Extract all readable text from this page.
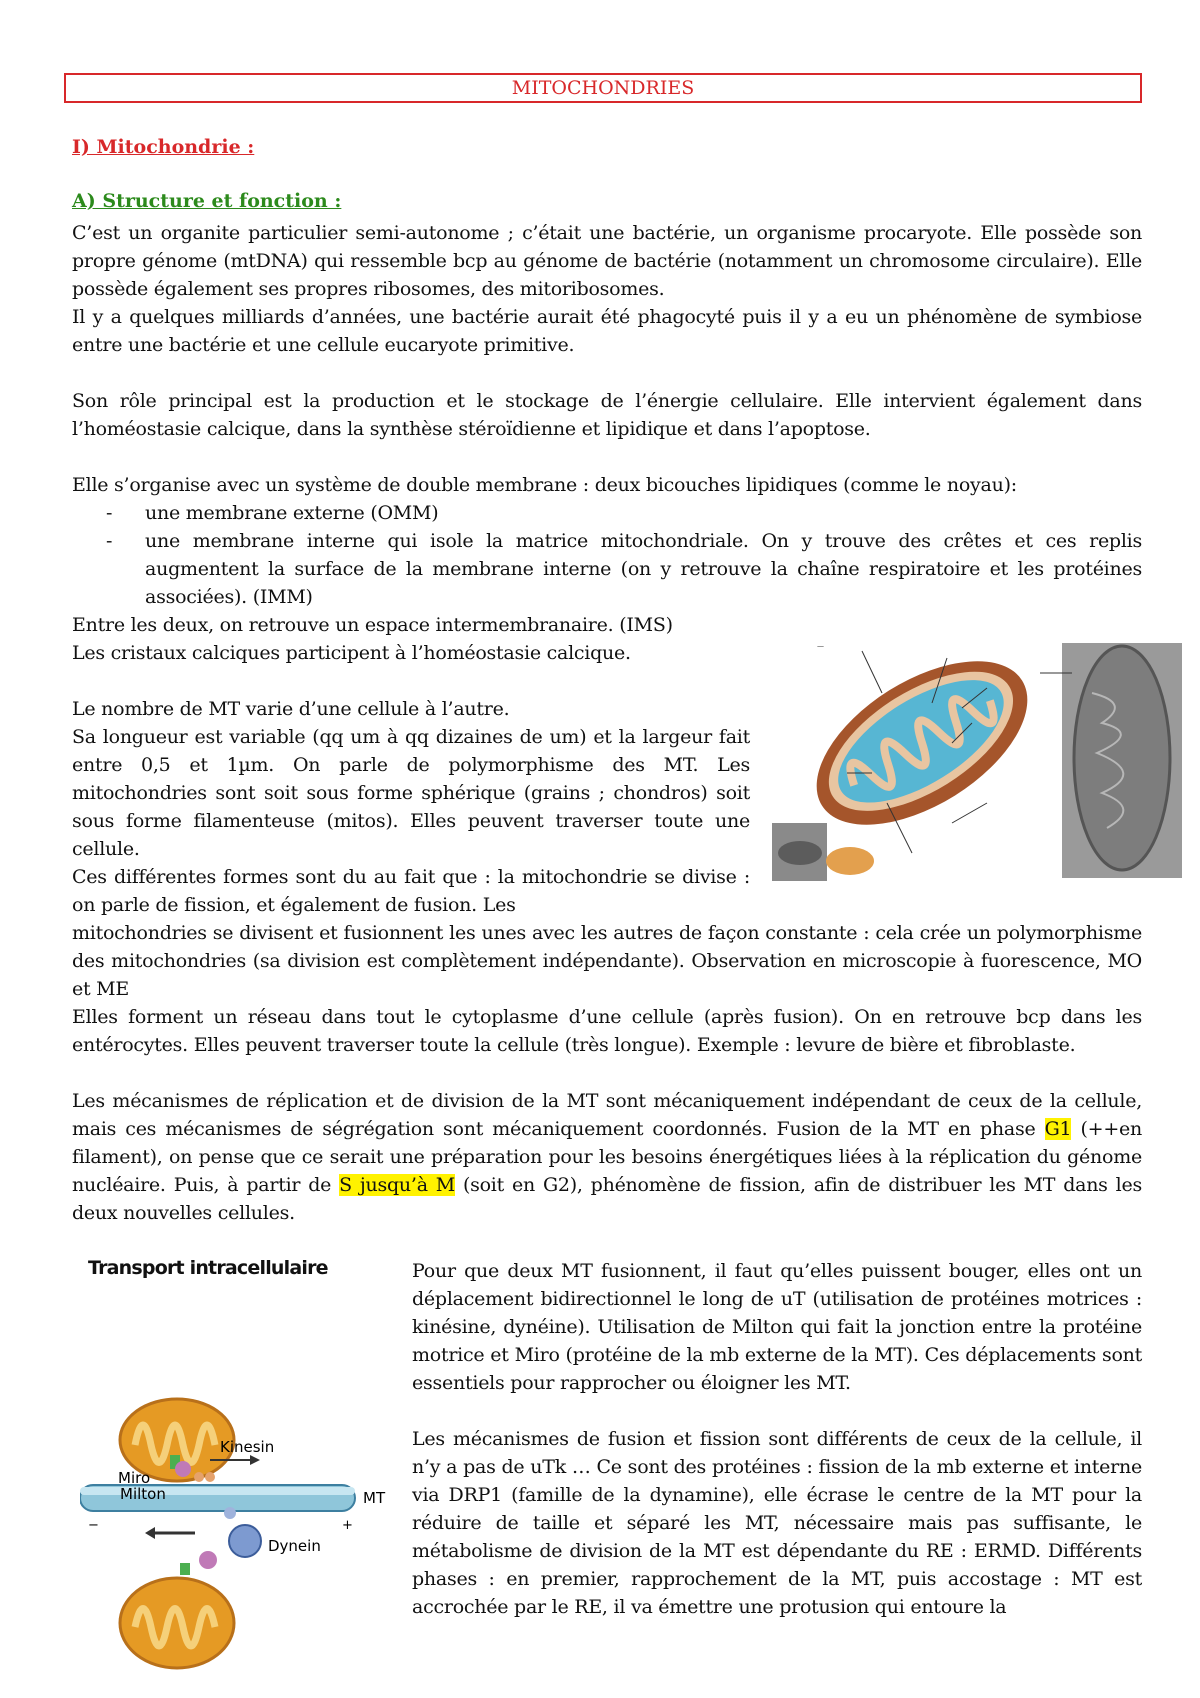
MITOCHONDRIES
I) Mitochondrie :
A) Structure et fonction :

C’est un organite particulier semi-autonome ; c’était une bactérie, un organisme procaryote. Elle possède son propre génome (mtDNA) qui ressemble bcp au génome de bactérie (notamment un chromosome circulaire). Elle possède également ses propres ribosomes, des mitoribosomes.

Il y a quelques milliards d’années, une bactérie aurait été phagocyté puis il y a eu un phénomène de symbiose entre une bactérie et une cellule eucaryote primitive.

Son rôle principal est la production et le stockage de l’énergie cellulaire. Elle intervient également dans l’homéostasie calcique, dans la synthèse stéroïdienne et lipidique et dans l’apoptose.

Elle s’organise avec un système de double membrane : deux bicouches lipidiques (comme le noyau):

- une membrane externe (OMM)

- une membrane interne qui isole la matrice mitochondriale. On y trouve des crêtes et ces replis augmentent la surface de la membrane interne (on y retrouve la chaîne respiratoire et les protéines associées). (IMM)

Entre les deux, on retrouve un espace intermembranaire. (IMS)

Les cristaux calciques participent à l’homéostasie calcique.

Le nombre de MT varie d’une cellule à l’autre.

Sa longueur est variable (qq um à qq dizaines de um) et la largeur fait entre 0,5 et 1µm. On parle de polymorphisme des MT. Les mitochondries sont soit sous forme sphérique (grains ; chondros) soit sous forme filamenteuse (mitos). Elles peuvent traverser toute une cellule.

Ces différentes formes sont du au fait que : la mitochondrie se divise : on parle de fission, et également de fusion. Les

—

mitochondries se divisent et fusionnent les unes avec les autres de façon constante : cela crée un polymorphisme des mitochondries (sa division est complètement indépendante). Observation en microscopie à fuorescence, MO et ME

Elles forment un réseau dans tout le cytoplasme d’une cellule (après fusion). On en retrouve bcp dans les entérocytes. Elles peuvent traverser toute la cellule (très longue). Exemple : levure de bière et fibroblaste.

Les mécanismes de réplication et de division de la MT sont mécaniquement indépendant de ceux de la cellule, mais ces mécanismes de ségrégation sont mécaniquement coordonnés. Fusion de la MT en phase G1 (++en filament), on pense que ce serait une préparation pour les besoins énergétiques liées à la réplication du génome nucléaire. Puis, à partir de S jusqu’à M (soit en G2), phénomène de fission, afin de distribuer les MT dans les deux nouvelles cellules.

Transport intracellulaire
Miro
Milton
Kinesin
MT
Dynein
−	+

Pour que deux MT fusionnent, il faut qu’elles puissent bouger, elles ont un déplacement bidirectionnel le long de uT (utilisation de protéines motrices : kinésine, dynéine). Utilisation de Milton qui fait la jonction entre la protéine motrice et Miro (protéine de la mb externe de la MT). Ces déplacements sont essentiels pour rapprocher ou éloigner les MT.

Les mécanismes de fusion et fission sont différents de ceux de la cellule, il n’y a pas de uTk … Ce sont des protéines : fission de la mb externe et interne via DRP1 (famille de la dynamine), elle écrase le centre de la MT pour la réduire de taille et séparé les MT, nécessaire mais pas suffisante, le métabolisme de division de la MT est dépendante du RE : ERMD. Différents phases : en premier, rapprochement de la MT, puis accostage : MT est accrochée par le RE, il va émettre une protusion qui entoure la
